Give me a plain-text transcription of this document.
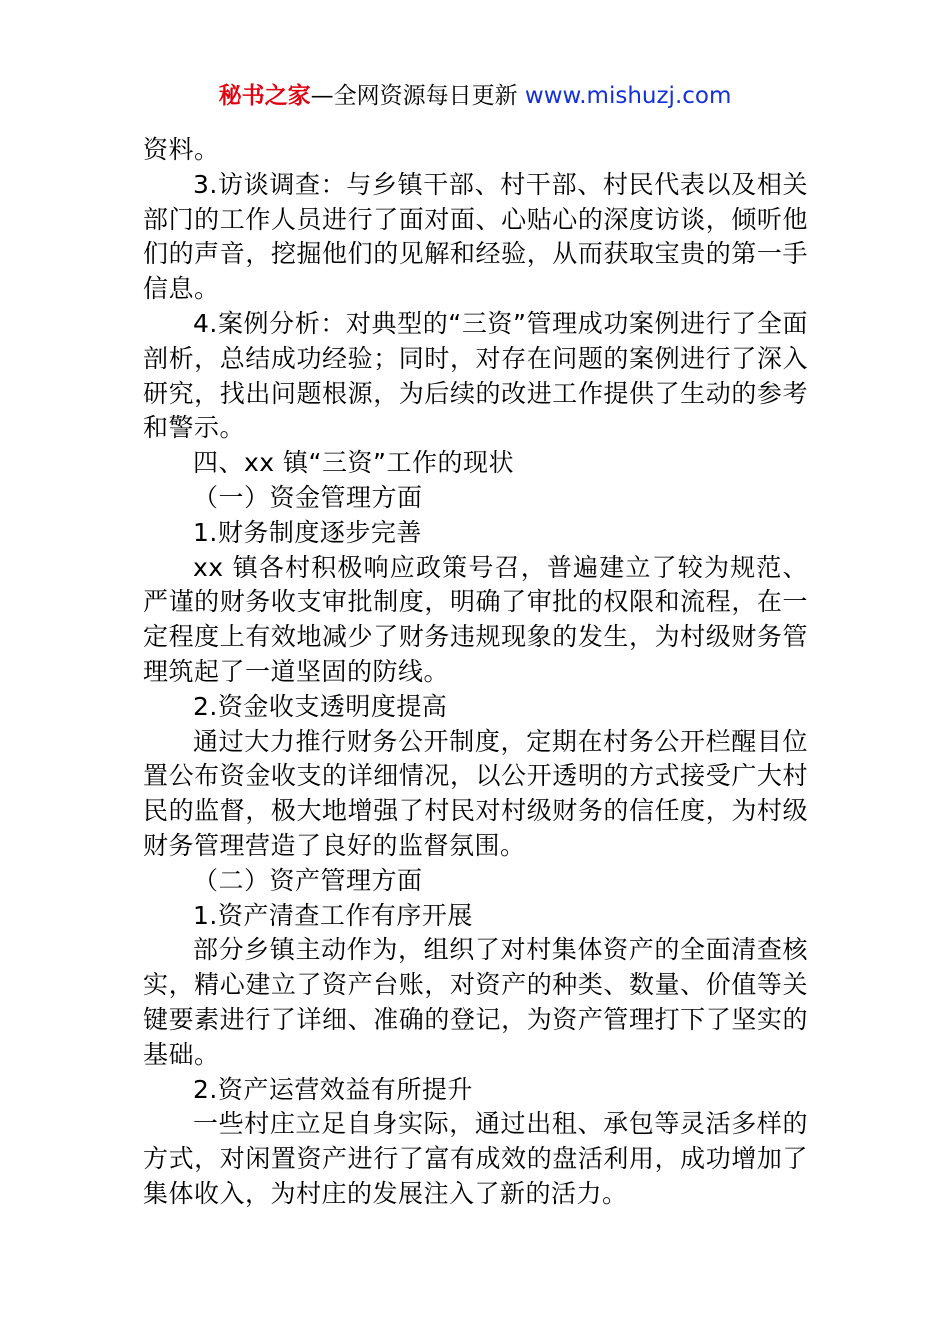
秘书之家—全网资源每日更新 www.mishuzj.com

资料。

3.访谈调查：与乡镇干部、村干部、村民代表以及相关部门的工作人员进行了面对面、心贴心的深度访谈，倾听他们的声音，挖掘他们的见解和经验，从而获取宝贵的第一手信息。

4.案例分析：对典型的“三资”管理成功案例进行了全面剖析，总结成功经验；同时，对存在问题的案例进行了深入研究，找出问题根源，为后续的改进工作提供了生动的参考和警示。

四、xx 镇“三资”工作的现状

（一）资金管理方面

1.财务制度逐步完善

xx 镇各村积极响应政策号召，普遍建立了较为规范、严谨的财务收支审批制度，明确了审批的权限和流程，在一定程度上有效地减少了财务违规现象的发生，为村级财务管理筑起了一道坚固的防线。

2.资金收支透明度提高

通过大力推行财务公开制度，定期在村务公开栏醒目位置公布资金收支的详细情况，以公开透明的方式接受广大村民的监督，极大地增强了村民对村级财务的信任度，为村级财务管理营造了良好的监督氛围。

（二）资产管理方面

1.资产清查工作有序开展

部分乡镇主动作为，组织了对村集体资产的全面清查核实，精心建立了资产台账，对资产的种类、数量、价值等关键要素进行了详细、准确的登记，为资产管理打下了坚实的基础。

2.资产运营效益有所提升

一些村庄立足自身实际，通过出租、承包等灵活多样的方式，对闲置资产进行了富有成效的盘活利用，成功增加了集体收入，为村庄的发展注入了新的活力。
